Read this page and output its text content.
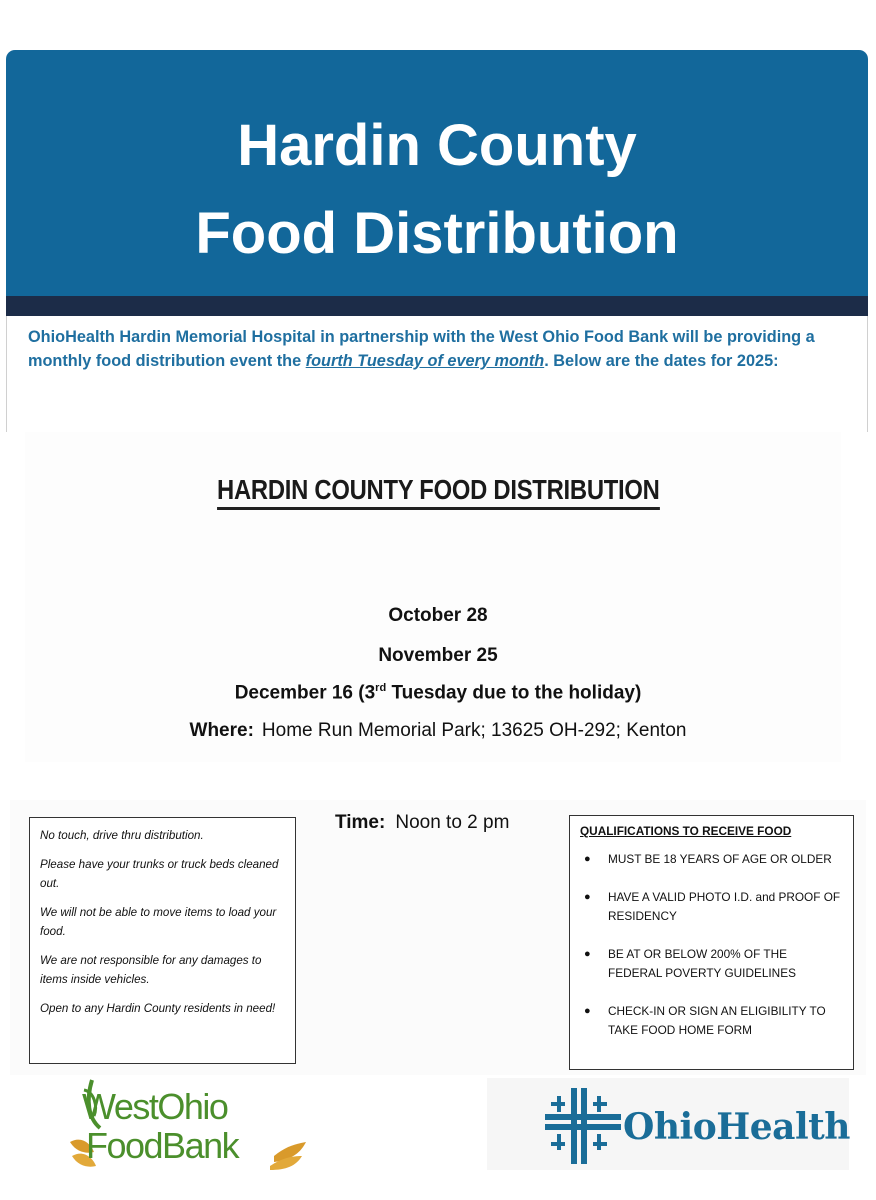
Hardin County
Food Distribution

OhioHealth Hardin Memorial Hospital in partnership with the West Ohio Food Bank will be providing a monthly food distribution event the fourth Tuesday of every month. Below are the dates for 2025:

HARDIN COUNTY FOOD DISTRIBUTION
October 28
November 25
December 16 (3rd Tuesday due to the holiday)
Where: Home Run Memorial Park; 13625 OH-292; Kenton
No touch, drive thru distribution.
Please have your trunks or truck beds cleaned out.
We will not be able to move items to load your food.
We are not responsible for any damages to items inside vehicles.
Open to any Hardin County residents in need!
Time: Noon to 2 pm	QUALIFICATIONS TO RECEIVE FOOD
● MUST BE 18 YEARS OF AGE OR OLDER
● HAVE A VALID PHOTO I.D. and PROOF OF RESIDENCY
● BE AT OR BELOW 200% OF THE FEDERAL POVERTY GUIDELINES
● CHECK-IN OR SIGN AN ELIGIBILITY TO TAKE FOOD HOME FORM
WestOhio
FoodBank	OhioHealth
